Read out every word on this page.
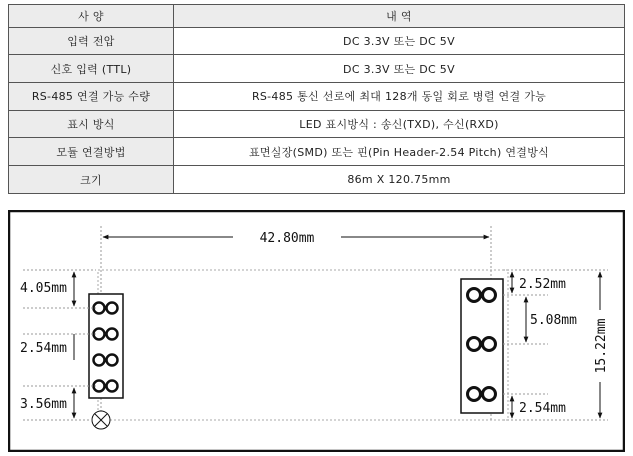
사 양	내 역
입력 전압	DC 3.3V 또는 DC 5V
신호 입력 (TTL)	DC 3.3V 또는 DC 5V
RS-485 연결 가능 수량	RS-485 통신 선로에 최대 128개 동일 회로 병렬 연결 가능
표시 방식	LED 표시방식 : 송신(TXD), 수신(RXD)
모듈 연결방법	표면실장(SMD) 또는 핀(Pin Header-2.54 Pitch) 연결방식
크기	86m X 120.75mm
42.80mm
4.05mm
2.54mm
3.56mm
2.52mm
5.08mm
2.54mm
15.22mm
